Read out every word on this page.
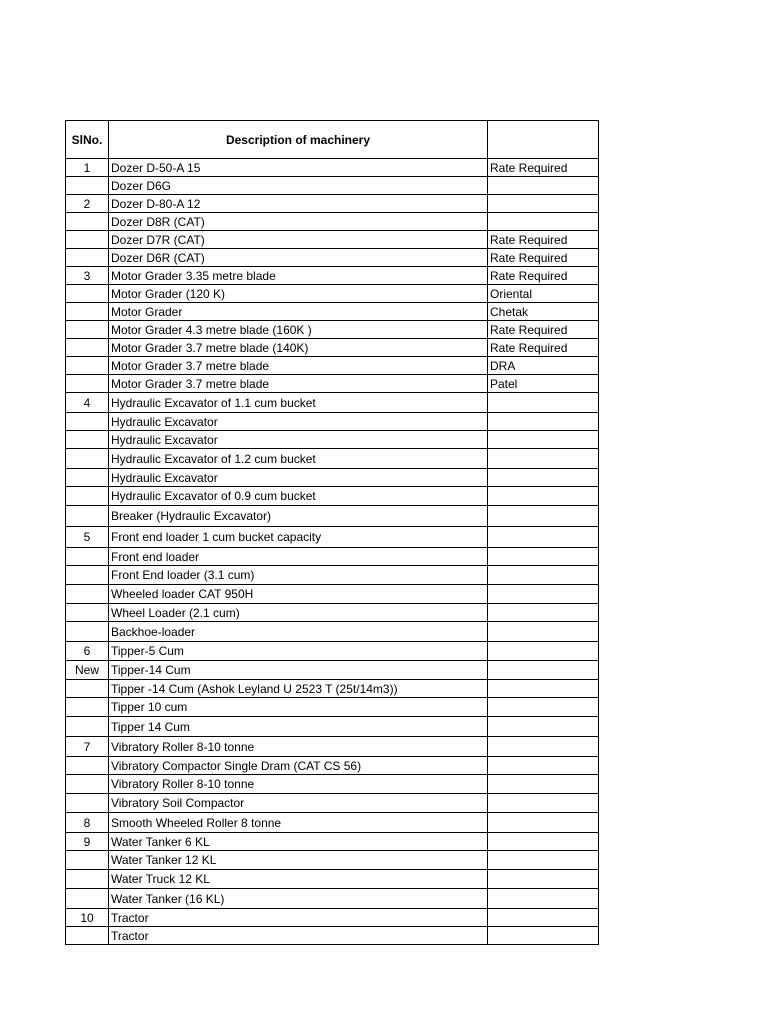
SlNo.	Description of machinery	
1	Dozer D-50-A 15	Rate Required
	Dozer D6G	
2	Dozer D-80-A 12	
	Dozer D8R (CAT)	
	Dozer D7R (CAT)	Rate Required
	Dozer D6R (CAT)	Rate Required
3	Motor Grader 3.35 metre blade	Rate Required
	Motor Grader (120 K)	Oriental
	Motor Grader	Chetak
	Motor Grader 4.3 metre blade (160K )	Rate Required
	Motor Grader 3.7 metre blade (140K)	Rate Required
	Motor Grader 3.7 metre blade	DRA
	Motor Grader 3.7 metre blade	Patel
4	Hydraulic Excavator of 1.1 cum bucket	
	Hydraulic Excavator	
	Hydraulic Excavator	
	Hydraulic Excavator of 1.2 cum bucket	
	Hydraulic Excavator	
	Hydraulic Excavator of 0.9 cum bucket	
	Breaker (Hydraulic Excavator)	
5	Front end loader 1 cum bucket capacity	
	Front end loader	
	Front End loader (3.1 cum)	
	Wheeled loader CAT 950H	
	Wheel Loader (2.1 cum)	
	Backhoe-loader	
6	Tipper-5 Cum	
New	Tipper-14 Cum	
	Tipper -14 Cum (Ashok Leyland U 2523 T (25t/14m3))	
	Tipper 10 cum	
	Tipper 14 Cum	
7	Vibratory Roller 8-10 tonne	
	Vibratory Compactor Single Dram (CAT CS 56)	
	Vibratory Roller 8-10 tonne	
	Vibratory Soil Compactor	
8	Smooth Wheeled Roller 8 tonne	
9	Water Tanker 6 KL	
	Water Tanker 12 KL	
	Water Truck 12 KL	
	Water Tanker (16 KL)	
10	Tractor	
	Tractor	
